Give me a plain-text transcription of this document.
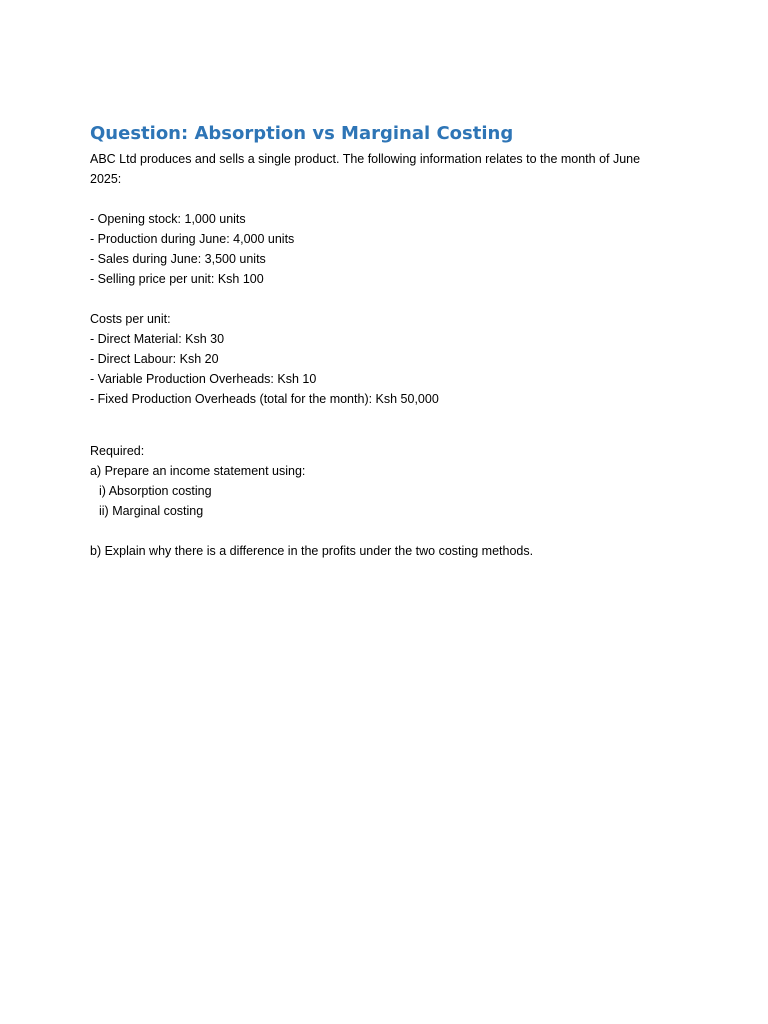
Question: Absorption vs Marginal Costing

ABC Ltd produces and sells a single product. The following information relates to the month of June 2025:

- Opening stock: 1,000 units
- Production during June: 4,000 units
- Sales during June: 3,500 units
- Selling price per unit: Ksh 100
Costs per unit:
- Direct Material: Ksh 30
- Direct Labour: Ksh 20
- Variable Production Overheads: Ksh 10
- Fixed Production Overheads (total for the month): Ksh 50,000
Required:
a) Prepare an income statement using:
i) Absorption costing
ii) Marginal costing
b) Explain why there is a difference in the profits under the two costing methods.
